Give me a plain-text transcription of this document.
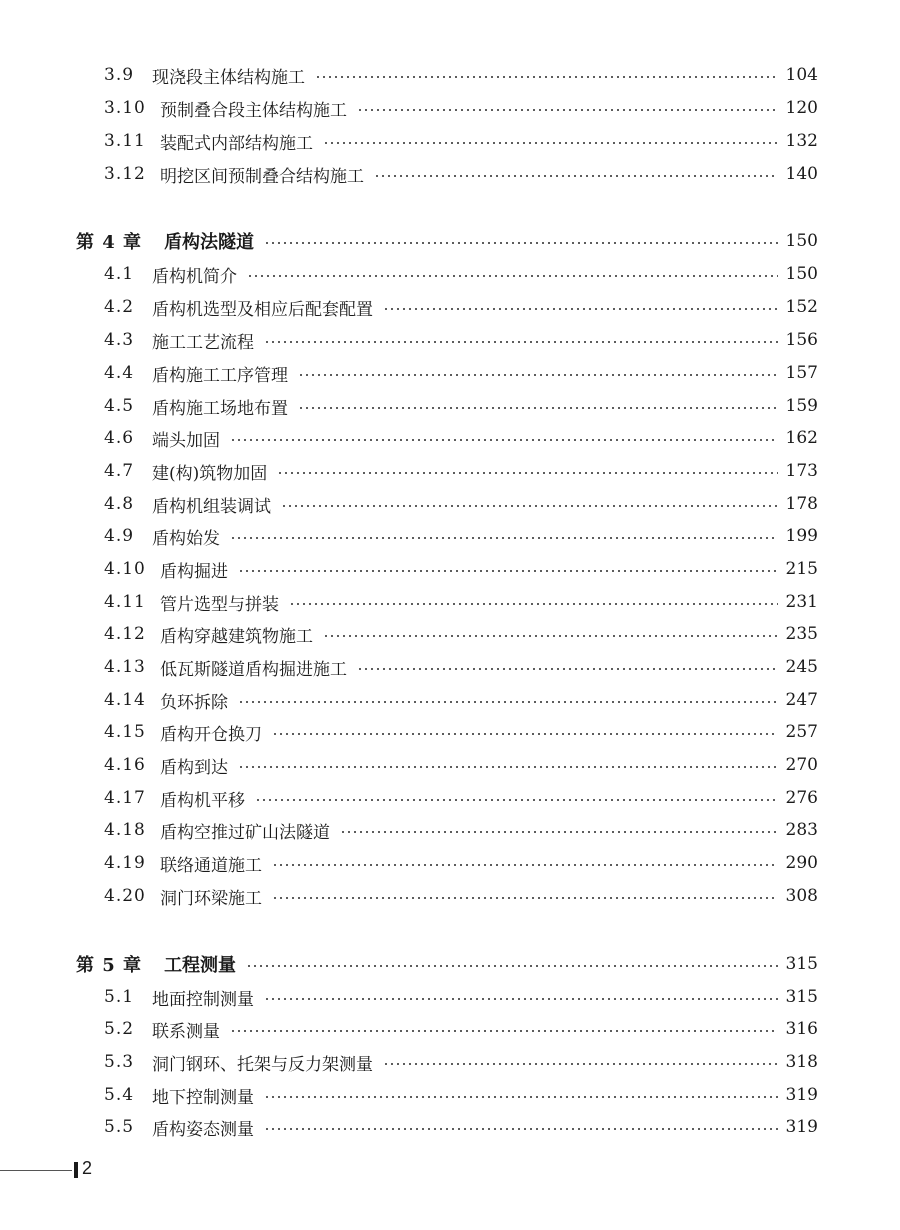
3.9	现浇段主体结构施工	104
3.10 预制叠合段主体结构施工	120
3.11 装配式内部结构施工	132
3.12 明挖区间预制叠合结构施工	140
第 4 章 盾构法隧道	150
4.1	盾构机简介	150
4.2	盾构机选型及相应后配套配置	152
4.3	施工工艺流程	156
4.4	盾构施工工序管理	157
4.5	盾构施工场地布置	159
4.6	端头加固	162
4.7	建(构)筑物加固	173
4.8	盾构机组装调试	178
4.9	盾构始发	199
4.10 盾构掘进	215
4.11 管片选型与拼装	231
4.12 盾构穿越建筑物施工	235
4.13 低瓦斯隧道盾构掘进施工	245
4.14 负环拆除	247
4.15 盾构开仓换刀	257
4.16 盾构到达	270
4.17 盾构机平移	276
4.18 盾构空推过矿山法隧道	283
4.19 联络通道施工	290
4.20 洞门环梁施工	308
第 5 章 工程测量	315
5.1	地面控制测量	315
5.2	联系测量	316
5.3	洞门钢环、托架与反力架测量	318
5.4	地下控制测量	319
5.5	盾构姿态测量	319
2
